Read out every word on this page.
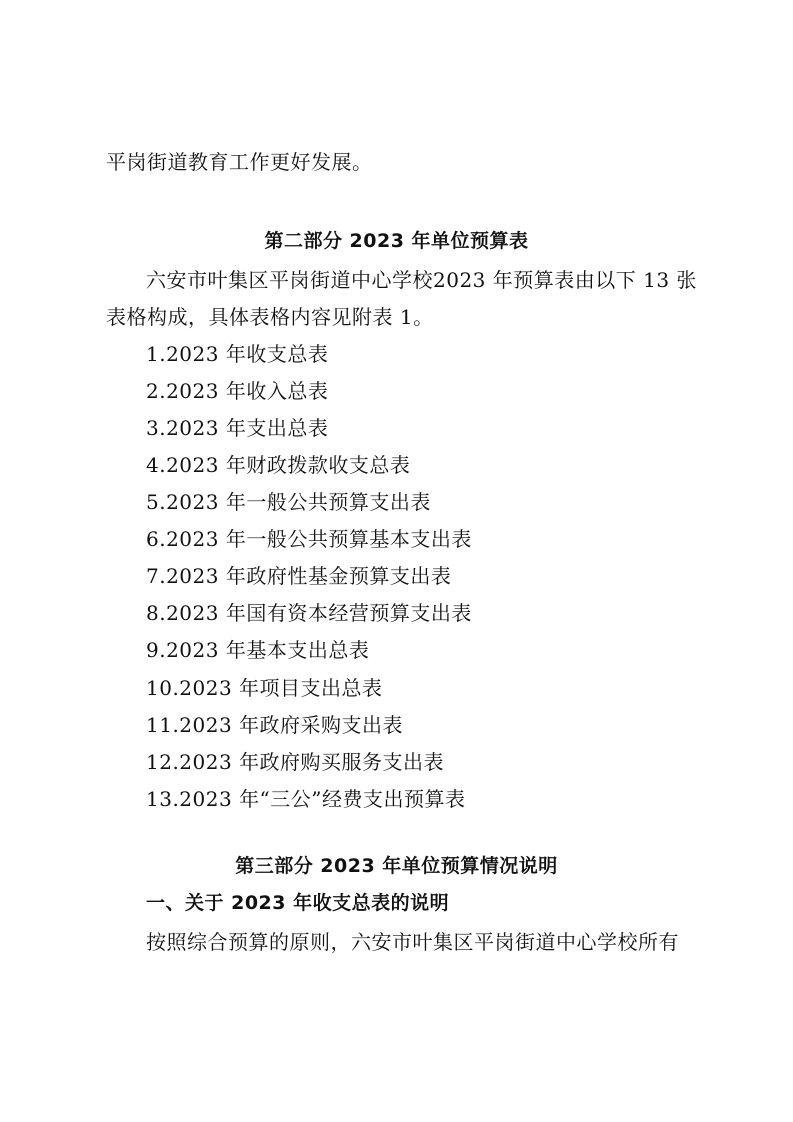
平岗街道教育工作更好发展。
第二部分 2023 年单位预算表
六安市叶集区平岗街道中心学校2023 年预算表由以下 13 张
表格构成，具体表格内容见附表 1。
1.2023 年收支总表
2.2023 年收入总表
3.2023 年支出总表
4.2023 年财政拨款收支总表
5.2023 年一般公共预算支出表
6.2023 年一般公共预算基本支出表
7.2023 年政府性基金预算支出表
8.2023 年国有资本经营预算支出表
9.2023 年基本支出总表
10.2023 年项目支出总表
11.2023 年政府采购支出表
12.2023 年政府购买服务支出表
13.2023 年“三公”经费支出预算表
第三部分 2023 年单位预算情况说明
一、关于 2023 年收支总表的说明
按照综合预算的原则，六安市叶集区平岗街道中心学校所有
